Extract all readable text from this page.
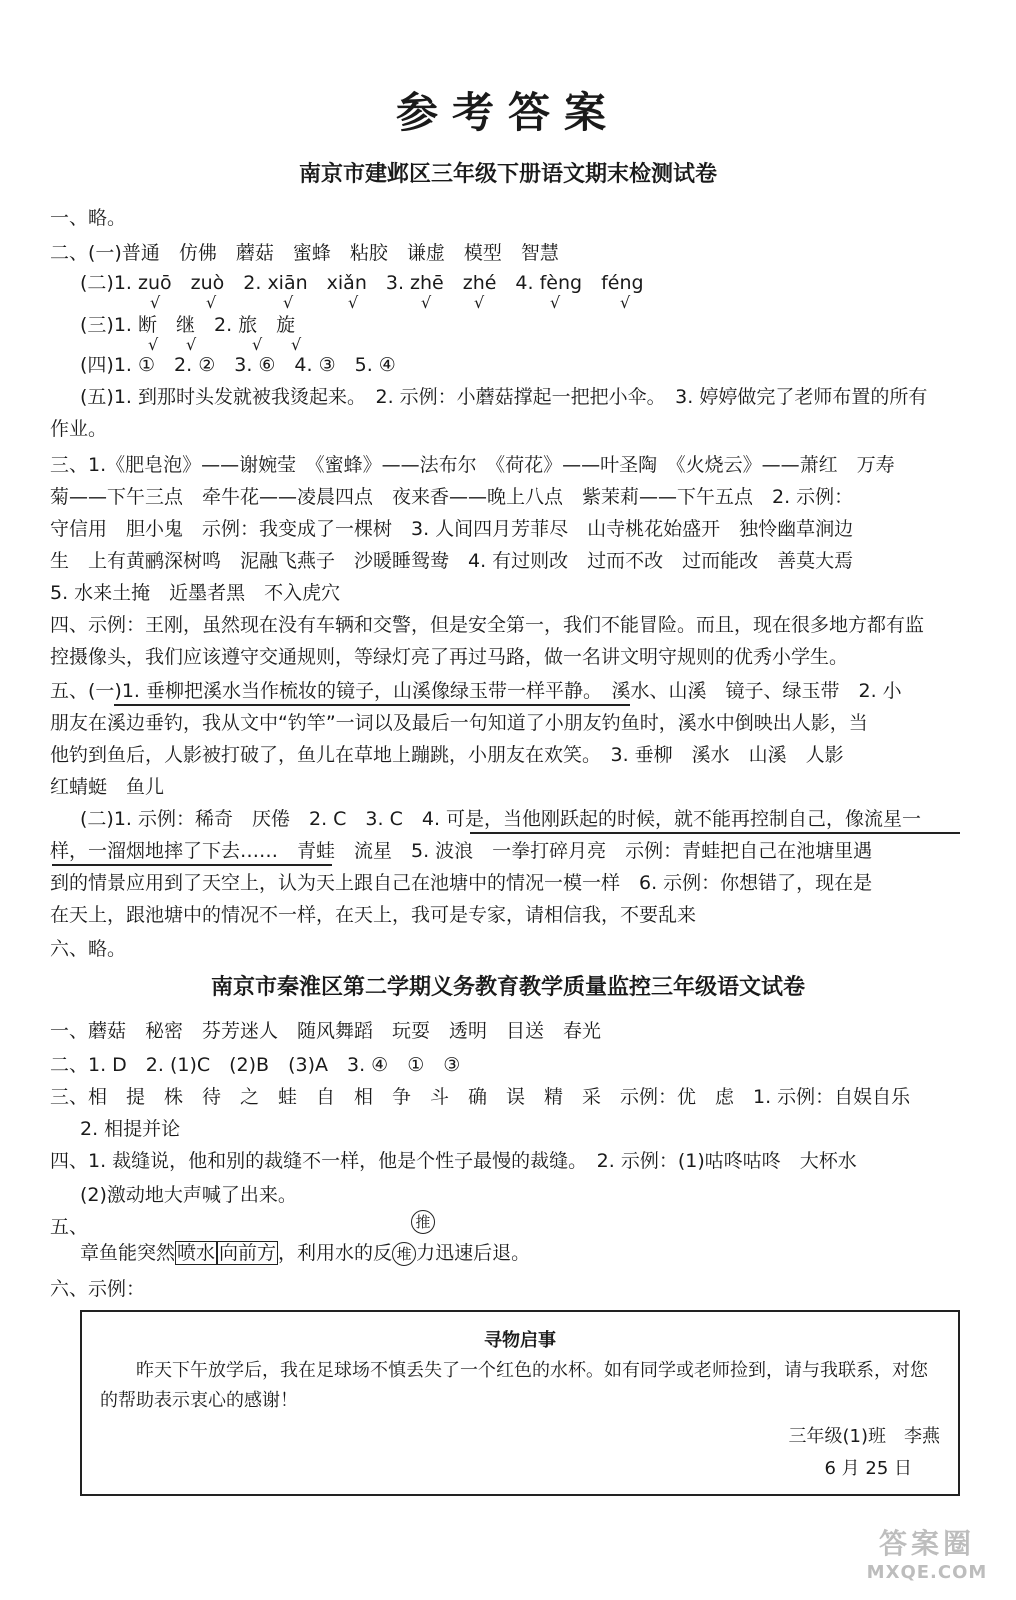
参考答案
南京市建邺区三年级下册语文期末检测试卷
一、略。
二、(一)普通　仿佛　蘑菇　蜜蜂　粘胶　谦虚　模型　智慧
(二)1. zuō　zuò　2. xiān　xiǎn　3. zhē　zhé　4. fèng　féng
√	√	√	√	√	√	√	√
(三)1. 断　继　2. 旅　旋
√ √	√ √
(四)1. ①　2. ②　3. ⑥　4. ③　5. ④
(五)1. 到那时头发就被我烫起来。　2. 示例：小蘑菇撑起一把把小伞。　3. 婷婷做完了老师布置的所有
作业。
三、1.《肥皂泡》——谢婉莹　《蜜蜂》——法布尔　《荷花》——叶圣陶　《火烧云》——萧红　万寿
菊——下午三点　牵牛花——凌晨四点　夜来香——晚上八点　紫茉莉——下午五点　2. 示例：
守信用　胆小鬼　示例：我变成了一棵树　3. 人间四月芳菲尽　山寺桃花始盛开　独怜幽草涧边
生　上有黄鹂深树鸣　泥融飞燕子　沙暖睡鸳鸯　4. 有过则改　过而不改　过而能改　善莫大焉
5. 水来土掩　近墨者黑　不入虎穴
四、示例：王刚，虽然现在没有车辆和交警，但是安全第一，我们不能冒险。而且，现在很多地方都有监
控摄像头，我们应该遵守交通规则，等绿灯亮了再过马路，做一名讲文明守规则的优秀小学生。
五、(一)1. 垂柳把溪水当作梳妆的镜子，山溪像绿玉带一样平静。　溪水、山溪　镜子、绿玉带　2. 小
朋友在溪边垂钓，我从文中“钓竿”一词以及最后一句知道了小朋友钓鱼时，溪水中倒映出人影，当
他钓到鱼后，人影被打破了，鱼儿在草地上蹦跳，小朋友在欢笑。　3. 垂柳　溪水　山溪　人影
红蜻蜓　鱼儿
(二)1. 示例：稀奇　厌倦　2. C　3. C　4. 可是，当他刚跃起的时候，就不能再控制自己，像流星一
样，一溜烟地摔了下去……　青蛙　流星　5. 波浪　一拳打碎月亮　示例：青蛙把自己在池塘里遇
到的情景应用到了天空上，认为天上跟自己在池塘中的情况一模一样　6. 示例：你想错了，现在是
在天上，跟池塘中的情况不一样，在天上，我可是专家，请相信我，不要乱来
六、略。
南京市秦淮区第二学期义务教育教学质量监控三年级语文试卷
一、蘑菇　秘密　芬芳迷人　随风舞蹈　玩耍　透明　目送　春光
二、1. D　2. (1)C　(2)B　(3)A　3. ④　①　③
三、相　提　株　待　之　蛙　自　相　争　斗　确　误　精　采　示例：优　虑　1. 示例：自娱自乐
2. 相提并论
四、1. 裁缝说，他和别的裁缝不一样，他是个性子最慢的裁缝。　2. 示例：(1)咕咚咕咚　大杯水
(2)激动地大声喊了出来。
五、
章鱼能突然 喷水 向前方 ，利用水的反 堆 力迅速后退。
推
六、示例：
寻物启事
昨天下午放学后，我在足球场不慎丢失了一个红色的水杯。如有同学或老师捡到，请与我联系，对您的帮助表示衷心的感谢！
三年级(1)班　李燕
6 月 25 日
答案圈
MXQE.COM
